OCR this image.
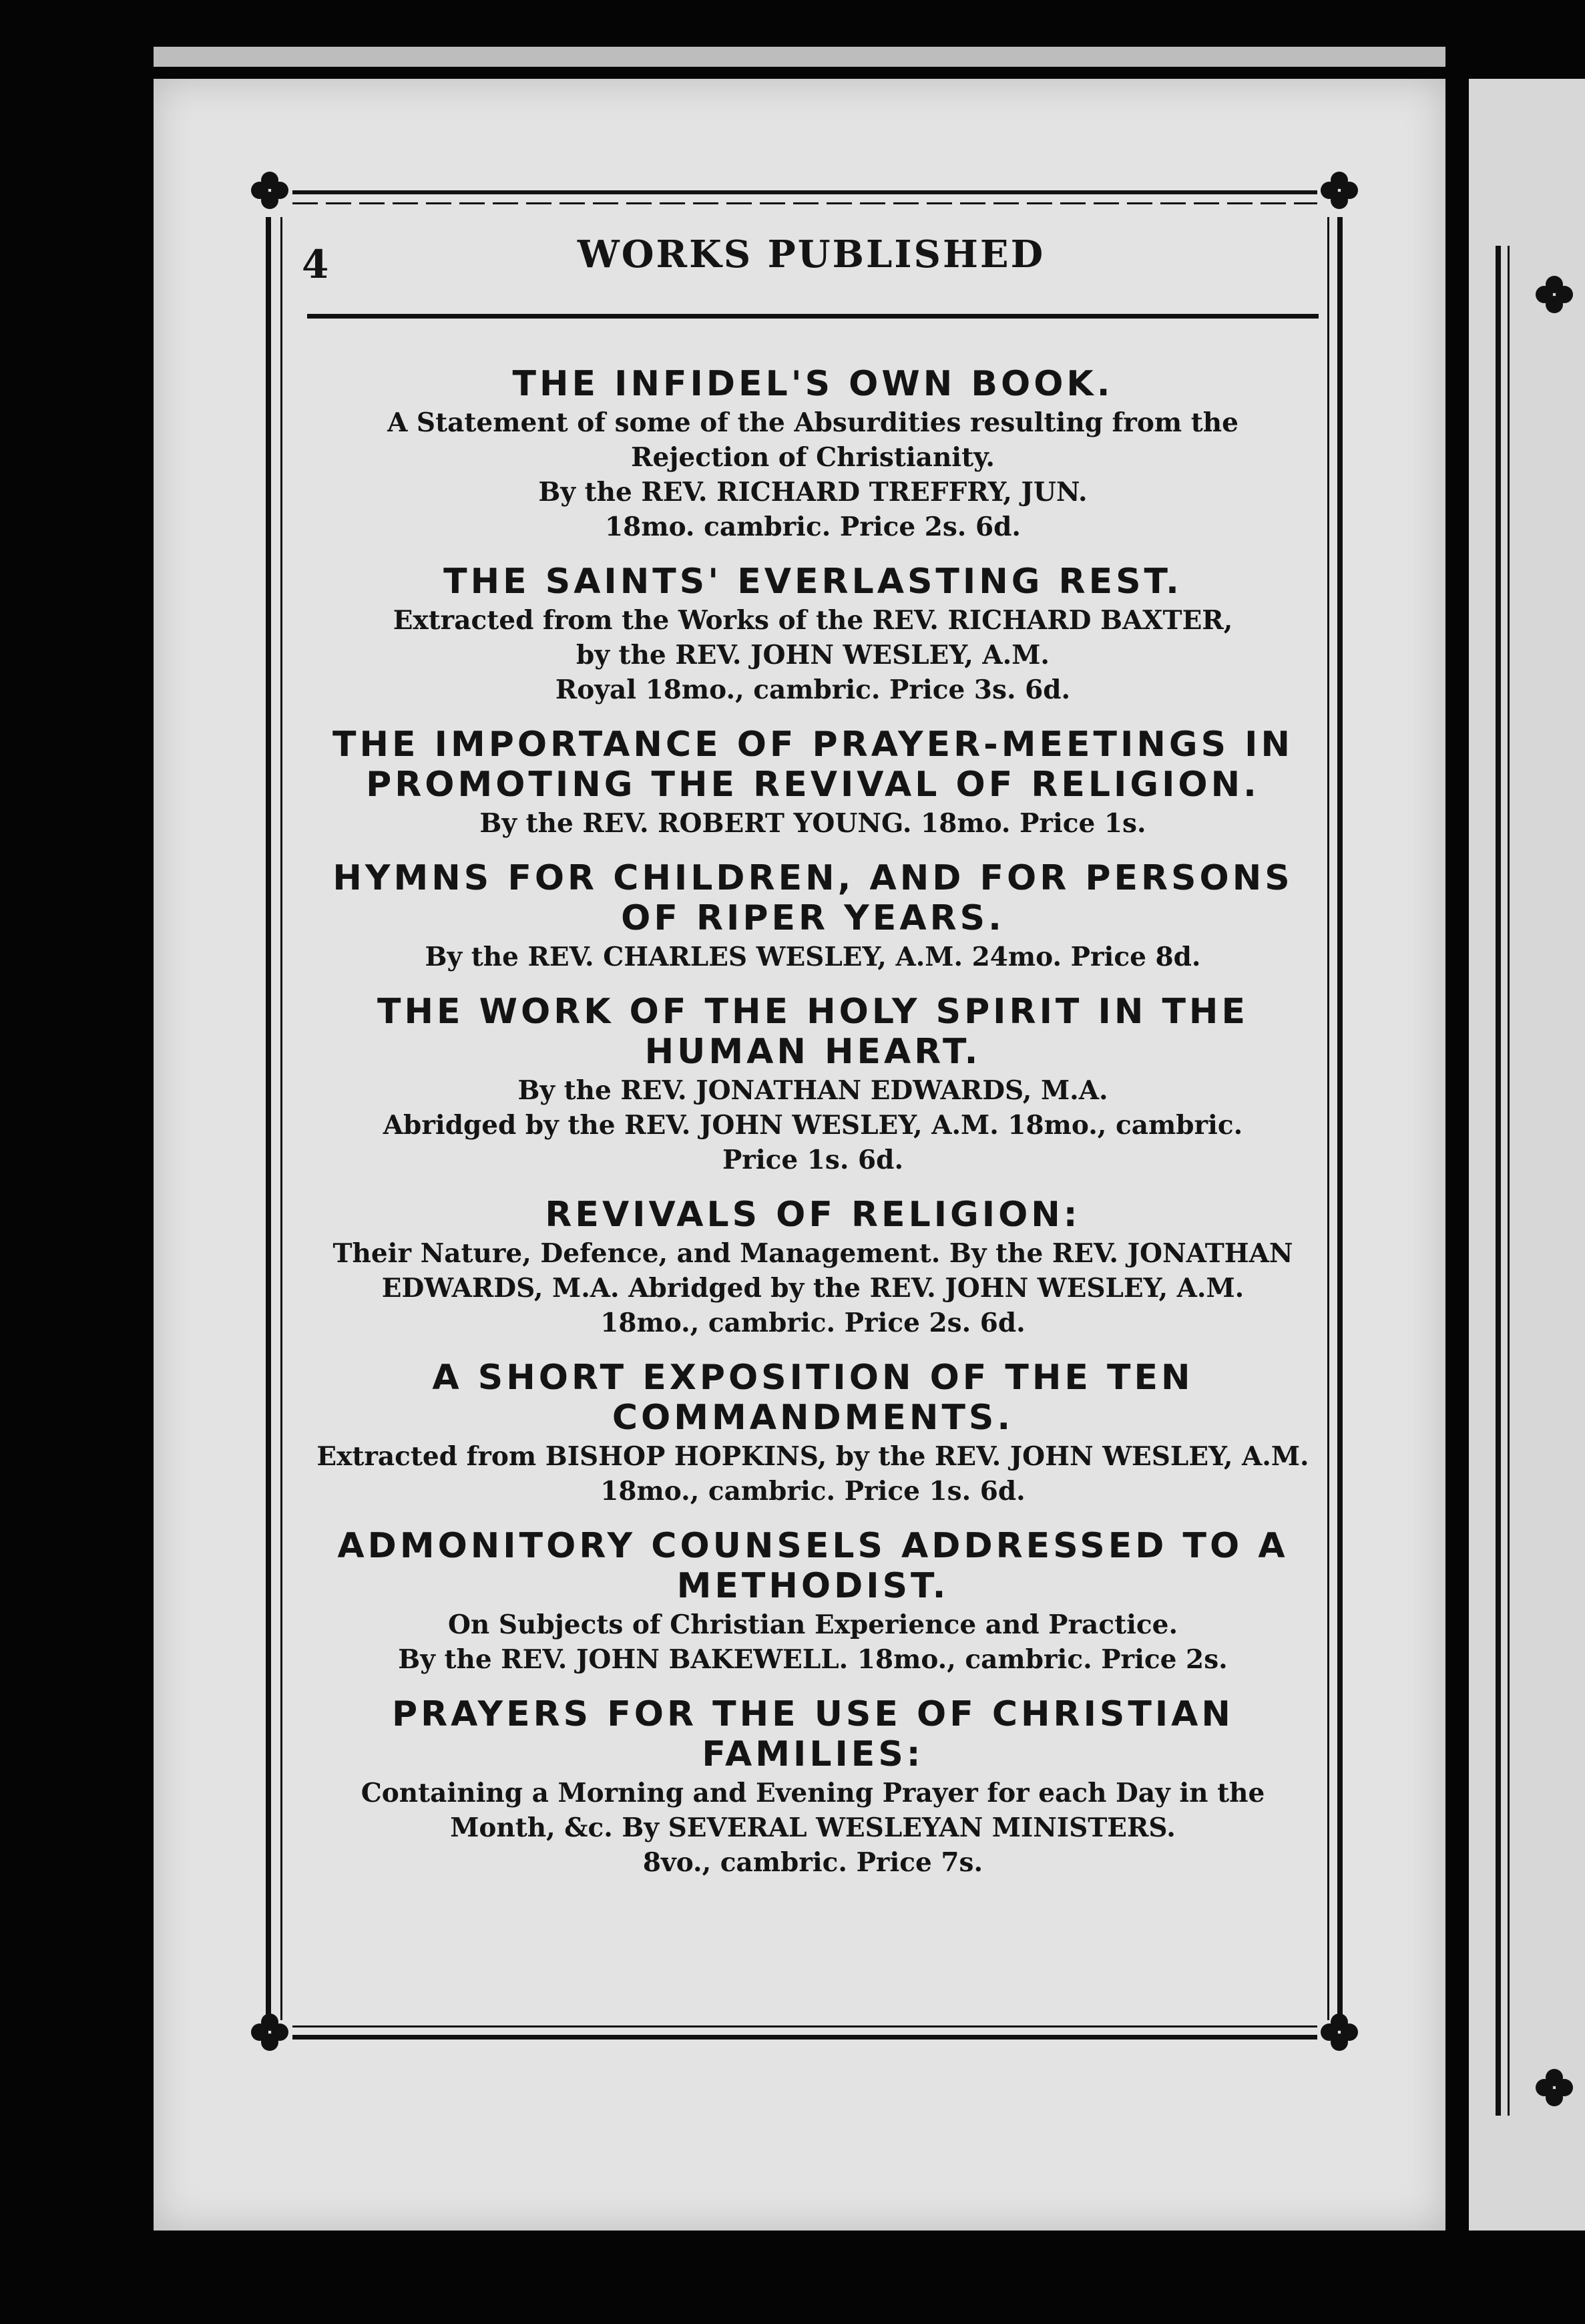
4	WORKS PUBLISHED
THE INFIDEL'S OWN BOOK.
A Statement of some of the Absurdities resulting from the
Rejection of Christianity.
By the REV. RICHARD TREFFRY, JUN.
18mo. cambric. Price 2s. 6d.
THE SAINTS' EVERLASTING REST.
Extracted from the Works of the REV. RICHARD BAXTER,
by the REV. JOHN WESLEY, A.M.
Royal 18mo., cambric. Price 3s. 6d.
THE IMPORTANCE OF PRAYER-MEETINGS IN
PROMOTING THE REVIVAL OF RELIGION.
By the REV. ROBERT YOUNG. 18mo. Price 1s.
HYMNS FOR CHILDREN, AND FOR PERSONS
OF RIPER YEARS.
By the REV. CHARLES WESLEY, A.M. 24mo. Price 8d.
THE WORK OF THE HOLY SPIRIT IN THE
HUMAN HEART.
By the REV. JONATHAN EDWARDS, M.A.
Abridged by the REV. JOHN WESLEY, A.M. 18mo., cambric.
Price 1s. 6d.
REVIVALS OF RELIGION:
Their Nature, Defence, and Management. By the REV. JONATHAN
EDWARDS, M.A. Abridged by the REV. JOHN WESLEY, A.M.
18mo., cambric. Price 2s. 6d.
A SHORT EXPOSITION OF THE TEN
COMMANDMENTS.
Extracted from BISHOP HOPKINS, by the REV. JOHN WESLEY, A.M.
18mo., cambric. Price 1s. 6d.
ADMONITORY COUNSELS ADDRESSED TO A
METHODIST.
On Subjects of Christian Experience and Practice.
By the REV. JOHN BAKEWELL. 18mo., cambric. Price 2s.
PRAYERS FOR THE USE OF CHRISTIAN
FAMILIES:
Containing a Morning and Evening Prayer for each Day in the
Month, &c. By SEVERAL WESLEYAN MINISTERS.
8vo., cambric. Price 7s.
